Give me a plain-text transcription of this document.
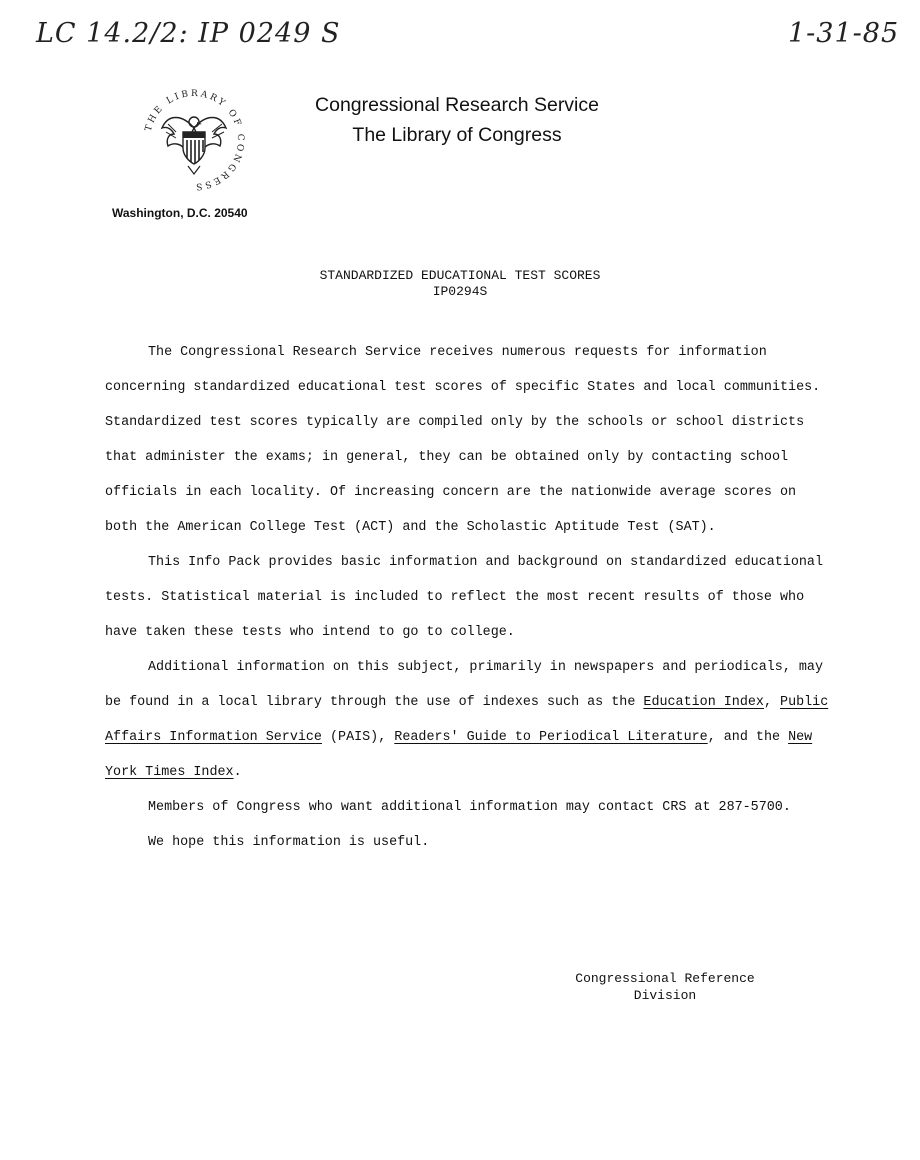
LC 14.2/2: IP 0249 S	1-31-85
THE LIBRARY OF CONGRESS
Congressional Research Service
The Library of Congress
Washington, D.C. 20540
STANDARDIZED EDUCATIONAL TEST SCORES
IP0294S

The Congressional Research Service receives numerous requests for information concerning standardized educational test scores of specific States and local communities. Standardized test scores typically are compiled only by the schools or school districts that administer the exams; in general, they can be obtained only by contacting school officials in each locality. Of increasing concern are the nationwide average scores on both the American College Test (ACT) and the Scholastic Aptitude Test (SAT).

This Info Pack provides basic information and background on standardized educational tests. Statistical material is included to reflect the most recent results of those who have taken these tests who intend to go to college.

Additional information on this subject, primarily in newspapers and periodicals, may be found in a local library through the use of indexes such as the Education Index, Public Affairs Information Service (PAIS), Readers' Guide to Periodical Literature, and the New York Times Index.

Members of Congress who want additional information may contact CRS at 287-5700.

We hope this information is useful.

Congressional Reference
Division
